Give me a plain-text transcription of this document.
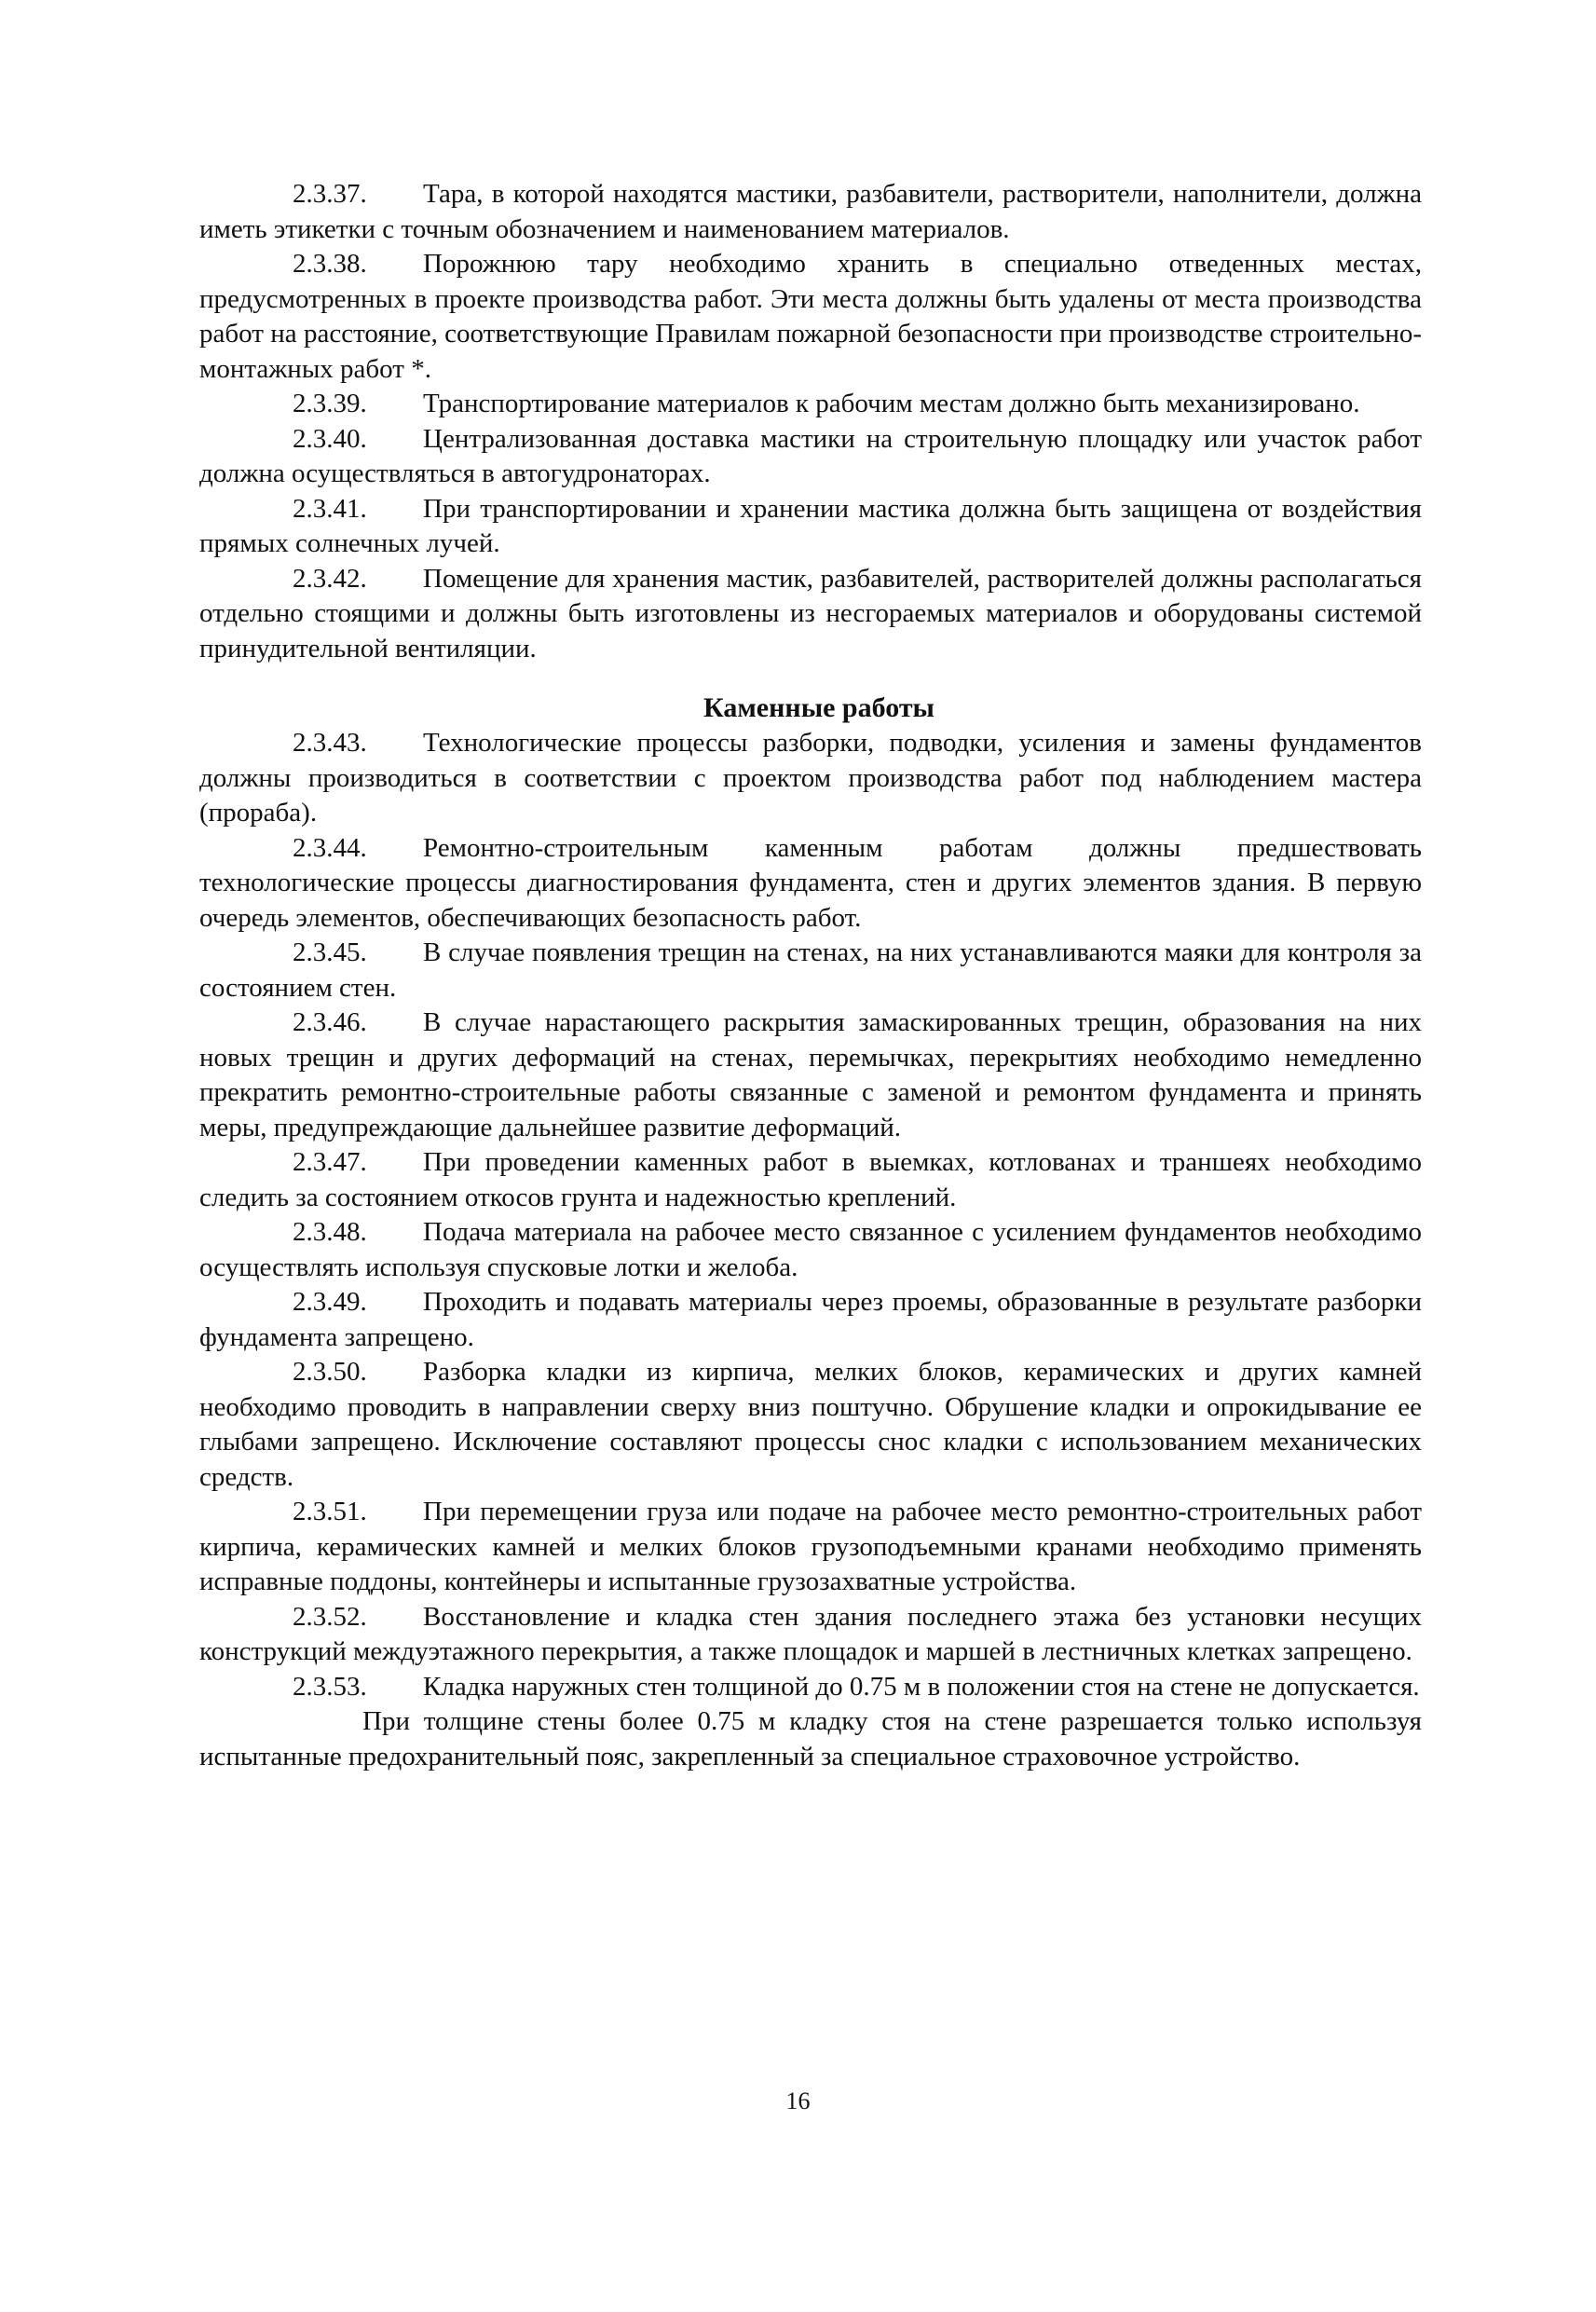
2.3.37. Тара, в которой находятся мастики, разбавители, растворители, наполнители, должна иметь этикетки с точным обозначением и наименованием материалов.

2.3.38. Порожнюю тару необходимо хранить в специально отведенных местах, предусмотренных в проекте производства работ. Эти места должны быть удалены от места производства работ на расстояние, соответствующие Правилам пожарной безопасности при производстве строительно-монтажных работ *.

2.3.39. Транспортирование материалов к рабочим местам должно быть механизировано.

2.3.40. Централизованная доставка мастики на строительную площадку или участок работ должна осуществляться в автогудронаторах.

2.3.41. При транспортировании и хранении мастика должна быть защищена от воздействия прямых солнечных лучей.

2.3.42. Помещение для хранения мастик, разбавителей, растворителей должны располагаться отдельно стоящими и должны быть изготовлены из несгораемых материалов и оборудованы системой принудительной вентиляции.

Каменные работы

2.3.43. Технологические процессы разборки, подводки, усиления и замены фундаментов должны производиться в соответствии с проектом производства работ под наблюдением мастера (прораба).

2.3.44. Ремонтно-строительным каменным работам должны предшествовать технологические процессы диагностирования фундамента, стен и других элементов здания. В первую очередь элементов, обеспечивающих безопасность работ.

2.3.45. В случае появления трещин на стенах, на них устанавливаются маяки для контроля за состоянием стен.

2.3.46. В случае нарастающего раскрытия замаскированных трещин, образования на них новых трещин и других деформаций на стенах, перемычках, перекрытиях необходимо немедленно прекратить ремонтно-строительные работы связанные с заменой и ремонтом фундамента и принять меры, предупреждающие дальнейшее развитие деформаций.

2.3.47. При проведении каменных работ в выемках, котлованах и траншеях необходимо следить за состоянием откосов грунта и надежностью креплений.

2.3.48. Подача материала на рабочее место связанное с усилением фундаментов необходимо осуществлять используя спусковые лотки и желоба.

2.3.49. Проходить и подавать материалы через проемы, образованные в результате разборки фундамента запрещено.

2.3.50. Разборка кладки из кирпича, мелких блоков, керамических и других камней необходимо проводить в направлении сверху вниз поштучно. Обрушение кладки и опрокидывание ее глыбами запрещено. Исключение составляют процессы снос кладки с использованием механических средств.

2.3.51. При перемещении груза или подаче на рабочее место ремонтно-строительных работ кирпича, керамических камней и мелких блоков грузоподъемными кранами необходимо применять исправные поддоны, контейнеры и испытанные грузозахватные устройства.

2.3.52. Восстановление и кладка стен здания последнего этажа без установки несущих конструкций междуэтажного перекрытия, а также площадок и маршей в лестничных клетках запрещено.

2.3.53. Кладка наружных стен толщиной до 0.75 м в положении стоя на стене не допускается.

При толщине стены более 0.75 м кладку стоя на стене разрешается только используя испытанные предохранительный пояс, закрепленный за специальное страховочное устройство.

16
